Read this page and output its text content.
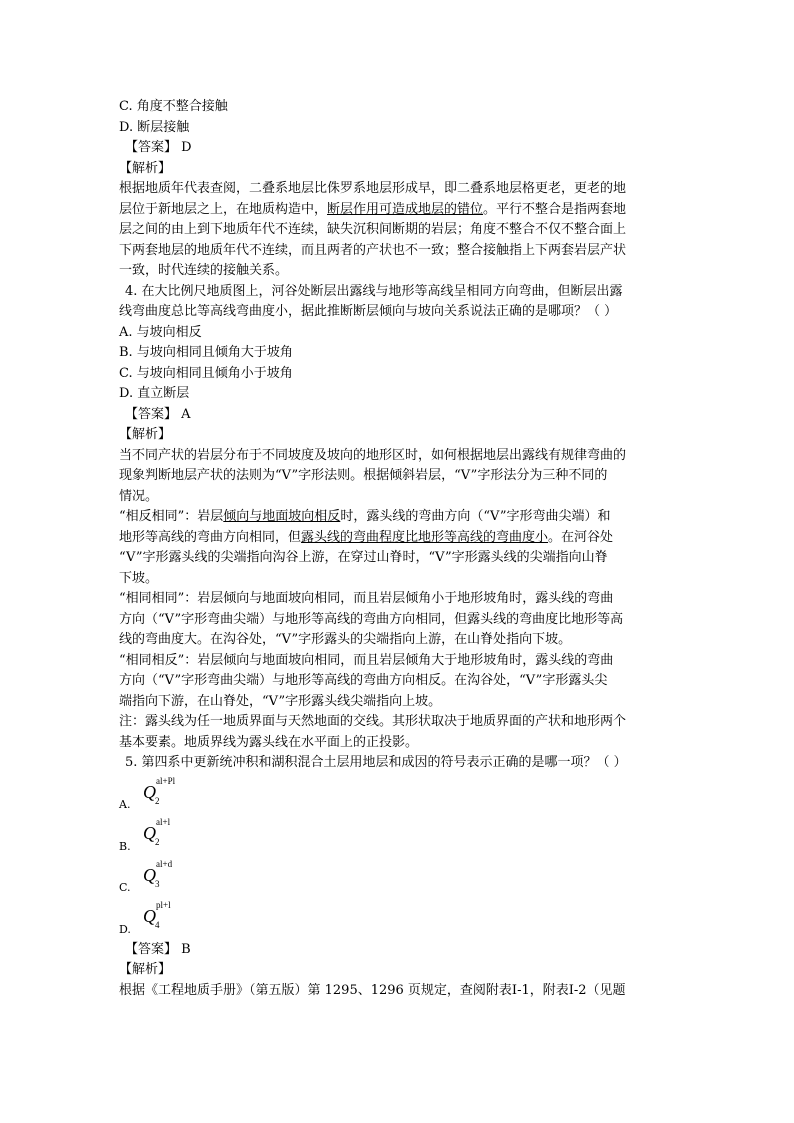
C. 角度不整合接触
D. 断层接触
【答案】 D
【解析】
根据地质年代表查阅，二叠系地层比侏罗系地层形成早，即二叠系地层格更老，更老的地
层位于新地层之上，在地质构造中，断层作用可造成地层的错位。平行不整合是指两套地
层之间的由上到下地质年代不连续，缺失沉积间断期的岩层；角度不整合不仅不整合面上
下两套地层的地质年代不连续，而且两者的产状也不一致；整合接触指上下两套岩层产状
一致，时代连续的接触关系。
4. 在大比例尺地质图上，河谷处断层出露线与地形等高线呈相同方向弯曲，但断层出露
线弯曲度总比等高线弯曲度小，据此推断断层倾向与坡向关系说法正确的是哪项？（ ）
A. 与坡向相反
B. 与坡向相同且倾角大于坡角
C. 与坡向相同且倾角小于坡角
D. 直立断层
【答案】 A
【解析】
当不同产状的岩层分布于不同坡度及坡向的地形区时，如何根据地层出露线有规律弯曲的
现象判断地层产状的法则为“V”字形法则。根据倾斜岩层，“V”字形法分为三种不同的
情况。
“相反相同”：岩层倾向与地面坡向相反时，露头线的弯曲方向（“V”字形弯曲尖端）和
地形等高线的弯曲方向相同，但露头线的弯曲程度比地形等高线的弯曲度小。在河谷处
“V”字形露头线的尖端指向沟谷上游，在穿过山脊时，“V”字形露头线的尖端指向山脊
下坡。
“相同相同”：岩层倾向与地面坡向相同，而且岩层倾角小于地形坡角时，露头线的弯曲
方向（“V”字形弯曲尖端）与地形等高线的弯曲方向相同，但露头线的弯曲度比地形等高
线的弯曲度大。在沟谷处，“V”字形露头的尖端指向上游，在山脊处指向下坡。
“相同相反”：岩层倾向与地面坡向相同，而且岩层倾角大于地形坡角时，露头线的弯曲
方向（“V”字形弯曲尖端）与地形等高线的弯曲方向相反。在沟谷处，“V”字形露头尖
端指向下游，在山脊处，“V”字形露头线尖端指向上坡。
注：露头线为任一地质界面与天然地面的交线。其形状取决于地质界面的产状和地形两个
基本要素。地质界线为露头线在水平面上的正投影。
5. 第四系中更新统冲积和湖积混合土层用地层和成因的符号表示正确的是哪一项？（ ）
A.
Q
al+Pl
2
B.
Q
al+l
2
C.
Q
al+d
3
D.
Q
pl+l
4
【答案】 B
【解析】
根据《工程地质手册》（第五版）第 1295、1296 页规定，查阅附表Ⅰ-1，附表Ⅰ-2（见题
